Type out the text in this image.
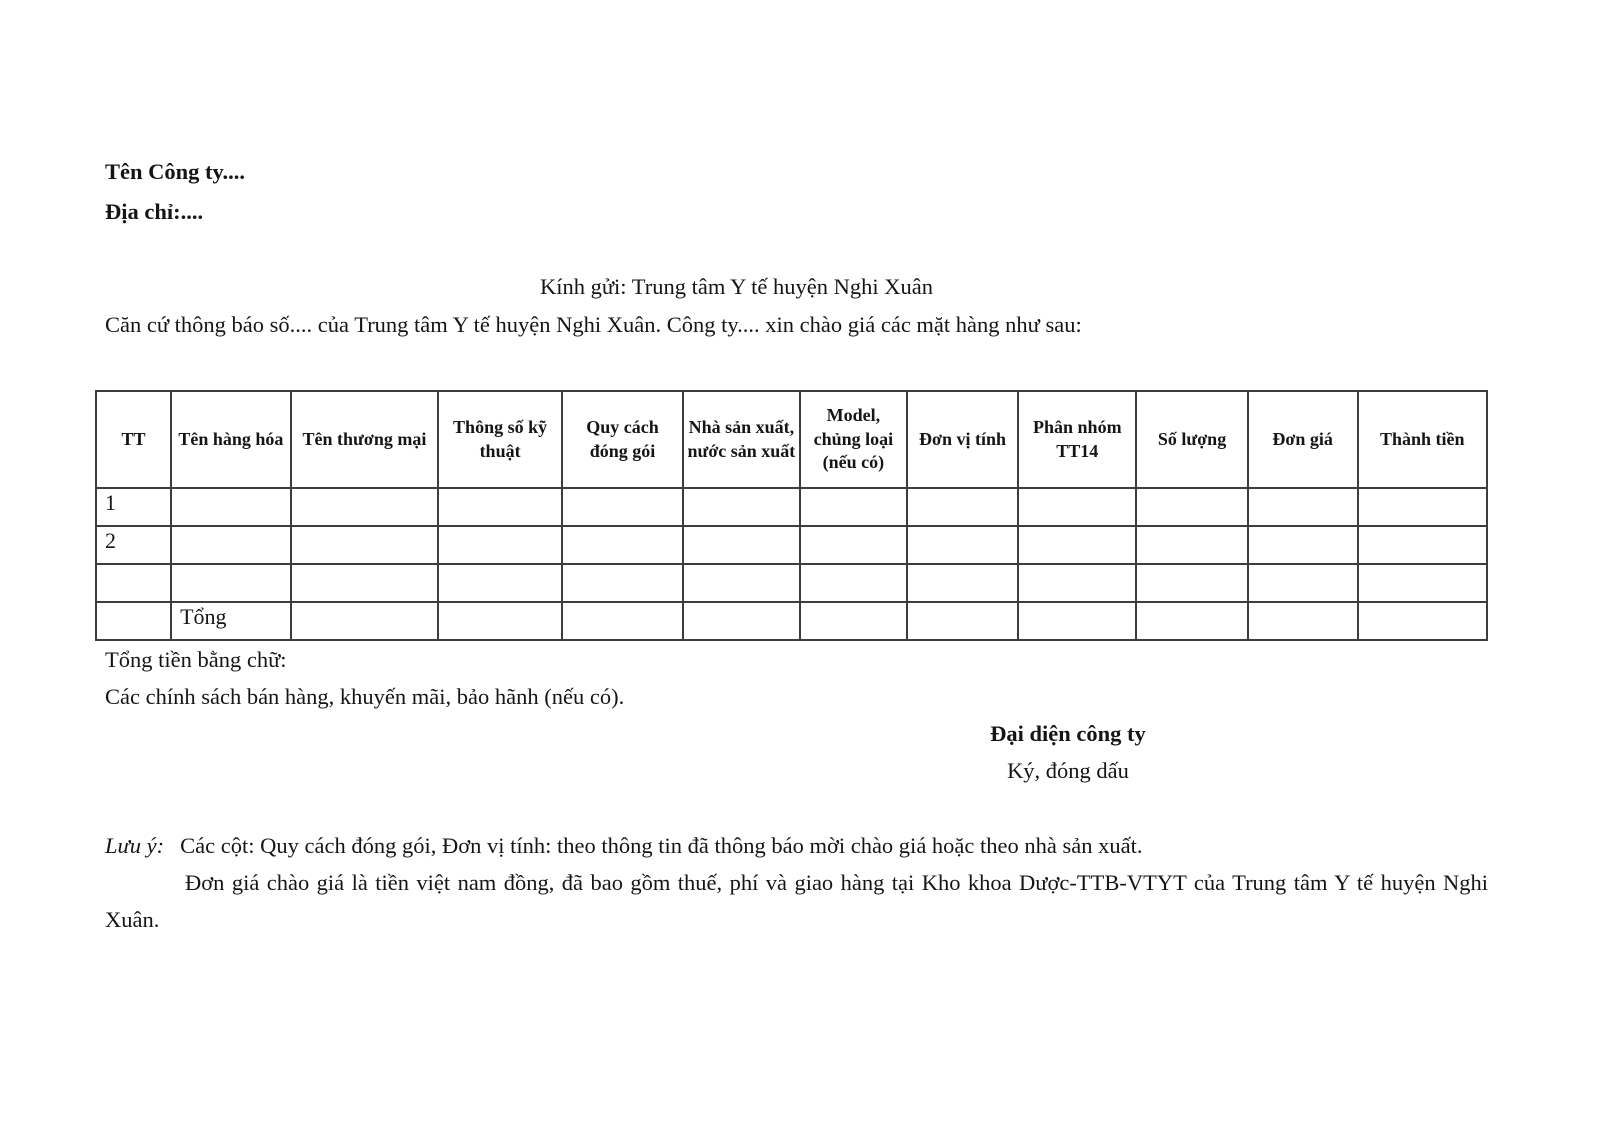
Tên Công ty....

Địa chỉ:....

Kính gửi: Trung tâm Y tế huyện Nghi Xuân

Căn cứ thông báo số.... của Trung tâm Y tế huyện Nghi Xuân. Công ty.... xin chào giá các mặt hàng như sau:

TT	Tên hàng hóa	Tên thương mại	Thông số kỹ thuật	Quy cách đóng gói	Nhà sản xuất, nước sản xuất	Model, chủng loại (nếu có)	Đơn vị tính	Phân nhóm TT14	Số lượng	Đơn giá	Thành tiền
1											
2											

	Tổng										

Tổng tiền bằng chữ:

Các chính sách bán hàng, khuyến mãi, bảo hãnh (nếu có).

Đại diện công ty

Ký, đóng dấu

Lưu ý: Các cột: Quy cách đóng gói, Đơn vị tính: theo thông tin đã thông báo mời chào giá hoặc theo nhà sản xuất.

Đơn giá chào giá là tiền việt nam đồng, đã bao gồm thuế, phí và giao hàng tại Kho khoa Dược-TTB-VTYT của Trung tâm Y tế huyện Nghi Xuân.
